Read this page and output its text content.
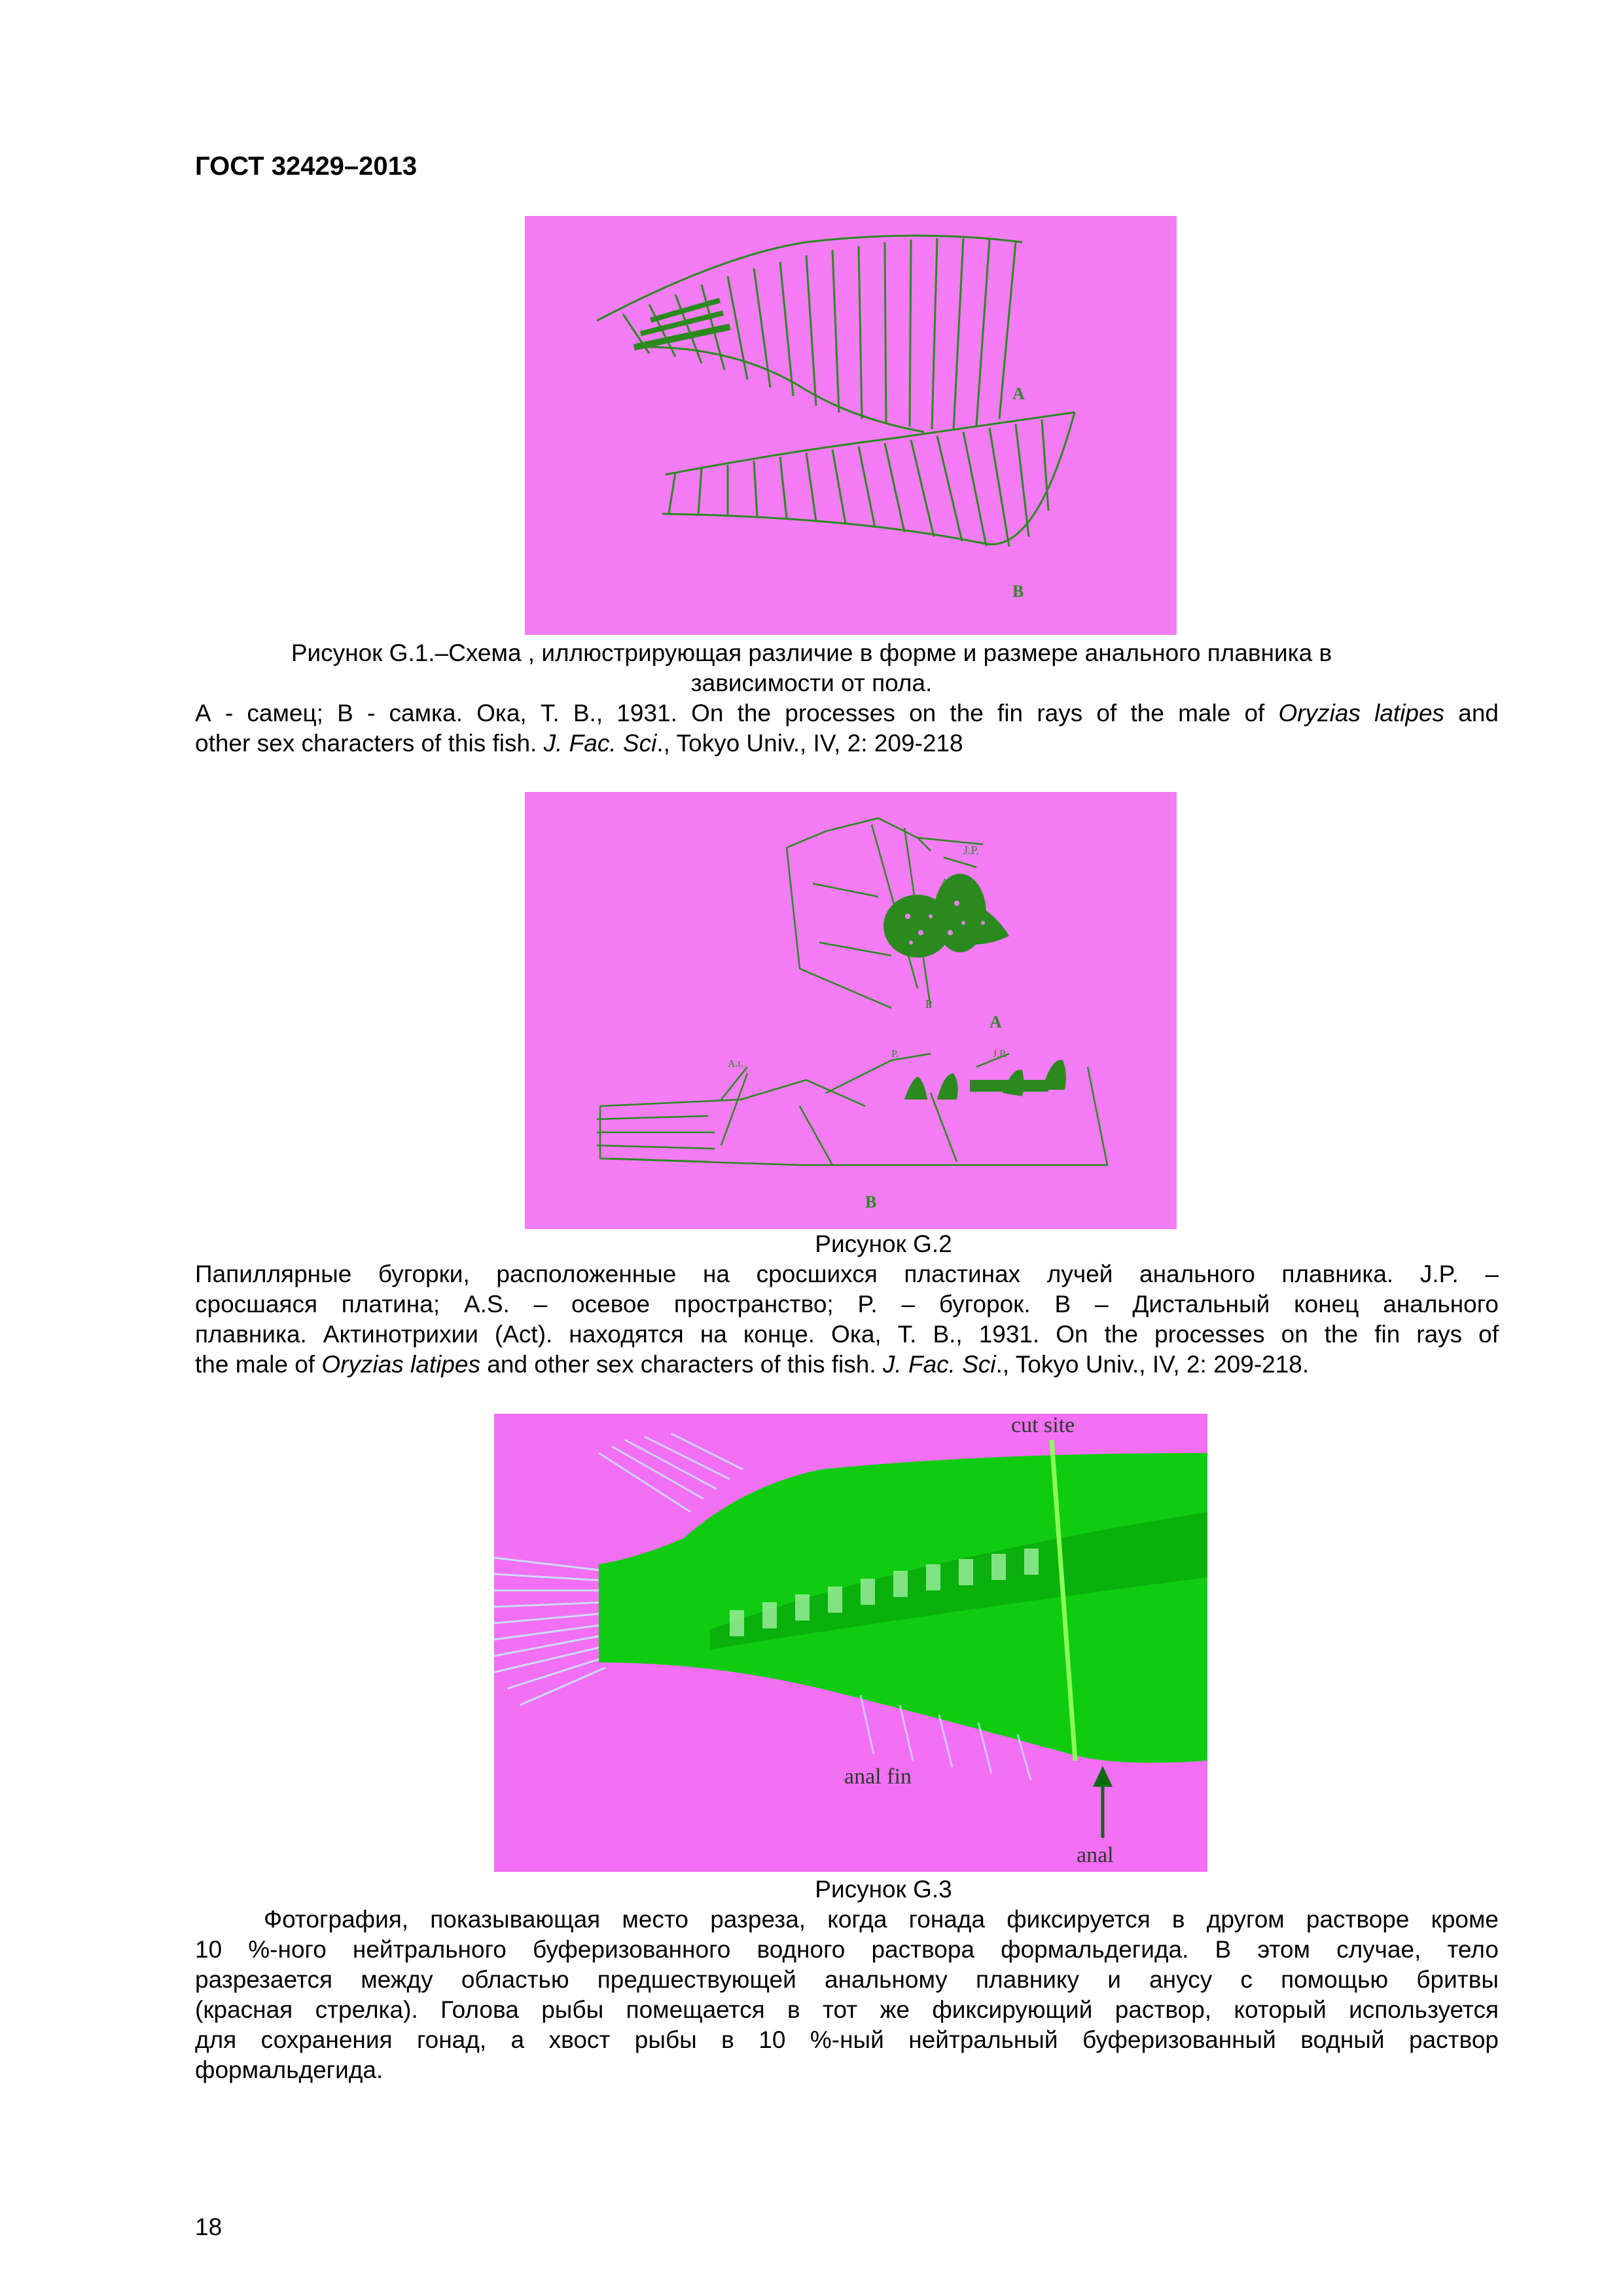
ГОСТ 32429–2013
A
B
Рисунок G.1.–Схема , иллюстрирующая различие в форме и размере анального плавника в
зависимости от пола.
А - самец; В - самка. Ока, Т. В., 1931. On the processes on the fin rays of the male of Oryzias latipes and
other sex characters of this fish. J. Fac. Sci., Tokyo Univ., IV, 2: 209-218
J.P.
A.S.
P
A
A.t.
P.	J.P.
B
Рисунок G.2
Папиллярные бугорки, расположенные на сросшихся пластинах лучей анального плавника. J.P. –
сросшаяся платина; A.S. – осевое пространство; P. – бугорок. B – Дистальный конец анального
плавника. Актинотрихии (Act). находятся на конце. Ока, Т. В., 1931. On the processes on the fin rays of
the male of Oryzias latipes and other sex characters of this fish. J. Fac. Sci., Tokyo Univ., IV, 2: 209-218.
cut site
anal fin
anal
Рисунок G.3
Фотография, показывающая место разреза, когда гонада фиксируется в другом растворе кроме
10 %-ного нейтрального буферизованного водного раствора формальдегида. В этом случае, тело
разрезается между областью предшествующей анальному плавнику и анусу с помощью бритвы
(красная стрелка). Голова рыбы помещается в тот же фиксирующий раствор, который используется
для сохранения гонад, а хвост рыбы в 10 %-ный нейтральный буферизованный водный раствор
формальдегида.
18
